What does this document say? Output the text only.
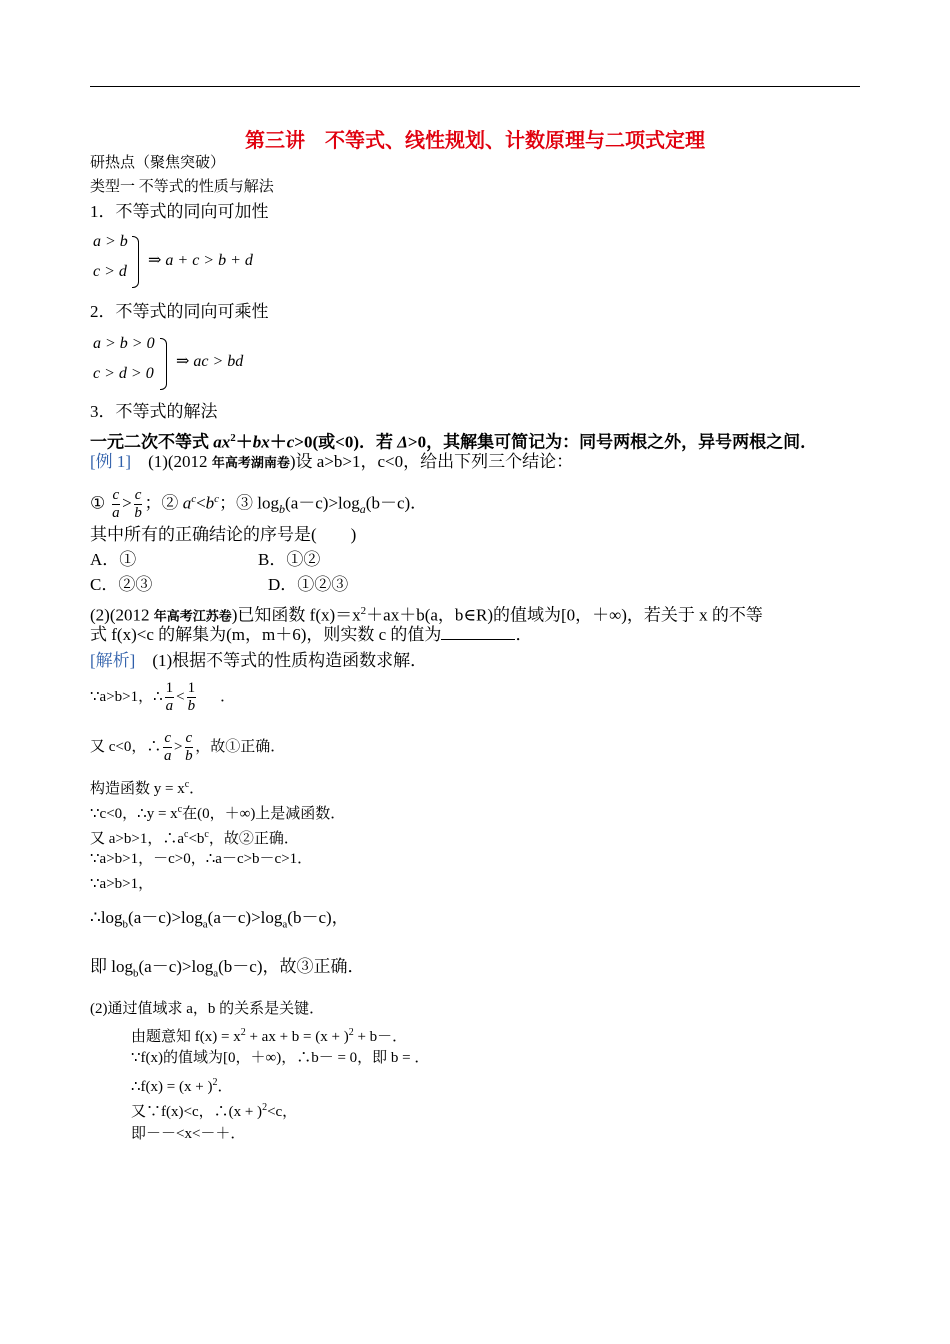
第三讲　不等式、线性规划、计数原理与二项式定理
研热点（聚焦突破）
类型一 不等式的性质与解法
1．不等式的同向可加性
a > b
c > d
⇒ a + c > b + d
2．不等式的同向可乘性
a > b > 0
c > d > 0
⇒ ac > bd
3．不等式的解法
一元二次不等式 $ax^2+bx+c>0$(或<0)．若 Δ>0，其解集可简记为：同号两根之外，异号两根之间．
[例 1]　 (1)(2012 年高考湖南卷)设 a>b>1，c<0，给出下列三个结论：
① $\frac{c}{a} > \frac{c}{b}$ ；② $a^c<b^c$；③ $\log_b(a-c)>\log_a(b-c)$．
其中所有的正确结论的序号是(　　)
A．①	B．①②
C．②③	D．①②③
(2)(2012 年高考江苏卷)已知函数 $f(x)=x^2+ax+b(a$，b∈R)的值域为[0，＋∞)，若关于 x 的不等
式 f(x)<c 的解集为(m，m＋6)，则实数 c 的值为	．
[解析]　(1)根据不等式的性质构造函数求解．
∵a>b>1，∴ $\frac{1}{a} < \frac{1}{b}$ ．
又 c<0，∴ $\frac{c}{a} > \frac{c}{b}$ ，故①正确．
构造函数 $y = x^c$．
∵c<0，∴y = $x^c$在(0，＋∞)上是减函数．
又 a>b>1，$\therefore a^c<b^c$，故②正确．
∵a>b>1，－c>0，∴a－c>b－c>1．
∵a>b>1，
$\therefore\log_b(a-c)>\log_a(a-c)>\log_a(b-c)$，
即 $\log_b(a-c)>\log_a(b-c)$，故③正确．
(2)通过值域求 a，b 的关系是关键．
由题意知 $f(x) = x^2$ + ax + $b = (x + )^2 + b-$．
∵f(x)的值域为[0，＋∞)，∴b－ = 0，即 b = ．
∴f(x) = $(x + )^2$．
又∵f(x)<c，∴(x + )$^2$<c，
即－－<x<－＋．
